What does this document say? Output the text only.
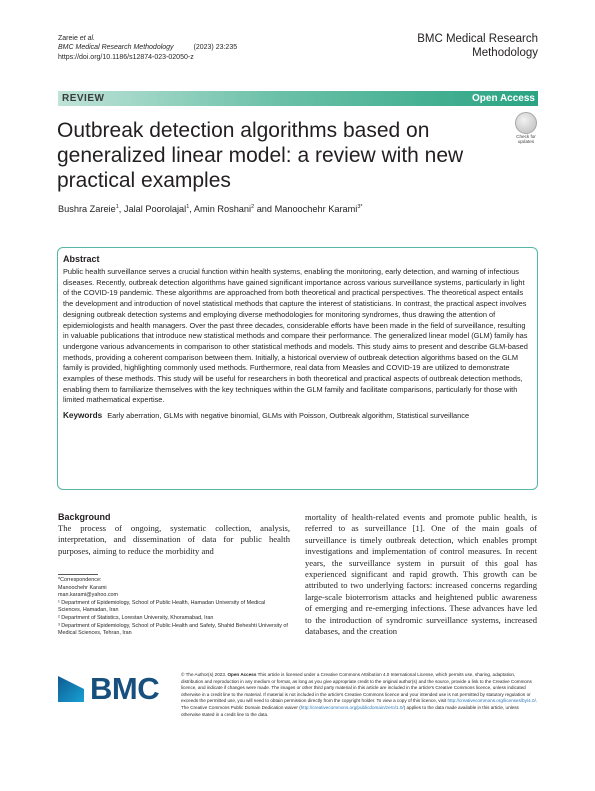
Zareie et al.
BMC Medical Research Methodology	(2023) 23:235
https://doi.org/10.1186/s12874-023-02050-z
BMC Medical Research
Methodology
REVIEW	Open Access
Outbreak detection algorithms based on generalized linear model: a review with new practical examples
Check for
updates
Bushra Zareie$^1$, Jalal Poorolajal$^1$, Amin Roshani$^2$ and Manoochehr Karami$^{3*}$
Abstract
Public health surveillance serves a crucial function within health systems, enabling the monitoring, early detection, and warning of infectious diseases. Recently, outbreak detection algorithms have gained significant importance across various surveillance systems, particularly in light of the COVID-19 pandemic. These algorithms are approached from both theoretical and practical perspectives. The theoretical aspect entails the development and introduction of novel statistical methods that capture the interest of statisticians. In contrast, the practical aspect involves designing outbreak detection systems and employing diverse methodologies for monitoring syndromes, thus drawing the attention of epidemiologists and health managers. Over the past three decades, considerable efforts have been made in the field of surveillance, resulting in valuable publications that introduce new statistical methods and compare their performance. The generalized linear model (GLM) family has undergone various advancements in comparison to other statistical methods and models. This study aims to present and describe GLM-based methods, providing a coherent comparison between them. Initially, a historical overview of outbreak detection algorithms based on the GLM family is provided, highlighting commonly used methods. Furthermore, real data from Measles and COVID-19 are utilized to demonstrate examples of these methods. This study will be useful for researchers in both theoretical and practical aspects of outbreak detection methods, enabling them to familiarize themselves with the key techniques within the GLM family and facilitate comparisons, particularly for those with limited mathematical expertise.
Keywords Early aberration, GLMs with negative binomial, GLMs with Poisson, Outbreak algorithm, Statistical surveillance
Background
The process of ongoing, systematic collection, analysis, interpretation, and dissemination of data for public health purposes, aiming to reduce the morbidity and
mortality of health-related events and promote public health, is referred to as surveillance [1]. One of the main goals of surveillance is timely outbreak detection, which enables prompt investigations and implementation of control measures. In recent years, the surveillance system in pursuit of this goal has experienced significant and rapid growth. This growth can be attributed to two underlying factors: increased concerns regarding large-scale bioterrorism attacks and heightened public awareness of emerging and re-emerging infections. These advances have led to the introduction of syndromic surveillance systems, increased databases, and the creation
*Correspondence:
Manoochehr Karami
man.karami@yahoo.com
¹ Department of Epidemiology, School of Public Health, Hamadan University of Medical Sciences, Hamadan, Iran
² Department of Statistics, Lorestan University, Khoramabad, Iran
³ Department of Epidemiology, School of Public Health and Safety, Shahid Beheshti University of Medical Sciences, Tehran, Iran
BMC	© The Author(s) 2023. Open Access This article is licensed under a Creative Commons Attribution 4.0 International License, which permits use, sharing, adaptation, distribution and reproduction in any medium or format, as long as you give appropriate credit to the original author(s) and the source, provide a link to the Creative Commons licence, and indicate if changes were made. The images or other third party material in this article are included in the article's Creative Commons licence, unless indicated otherwise in a credit line to the material. If material is not included in the article's Creative Commons licence and your intended use is not permitted by statutory regulation or exceeds the permitted use, you will need to obtain permission directly from the copyright holder. To view a copy of this licence, visit http://creativecommons.org/licenses/by/4.0/. The Creative Commons Public Domain Dedication waiver (http://creativecommons.org/publicdomain/zero/1.0/) applies to the data made available in this article, unless otherwise stated in a credit line to the data.
